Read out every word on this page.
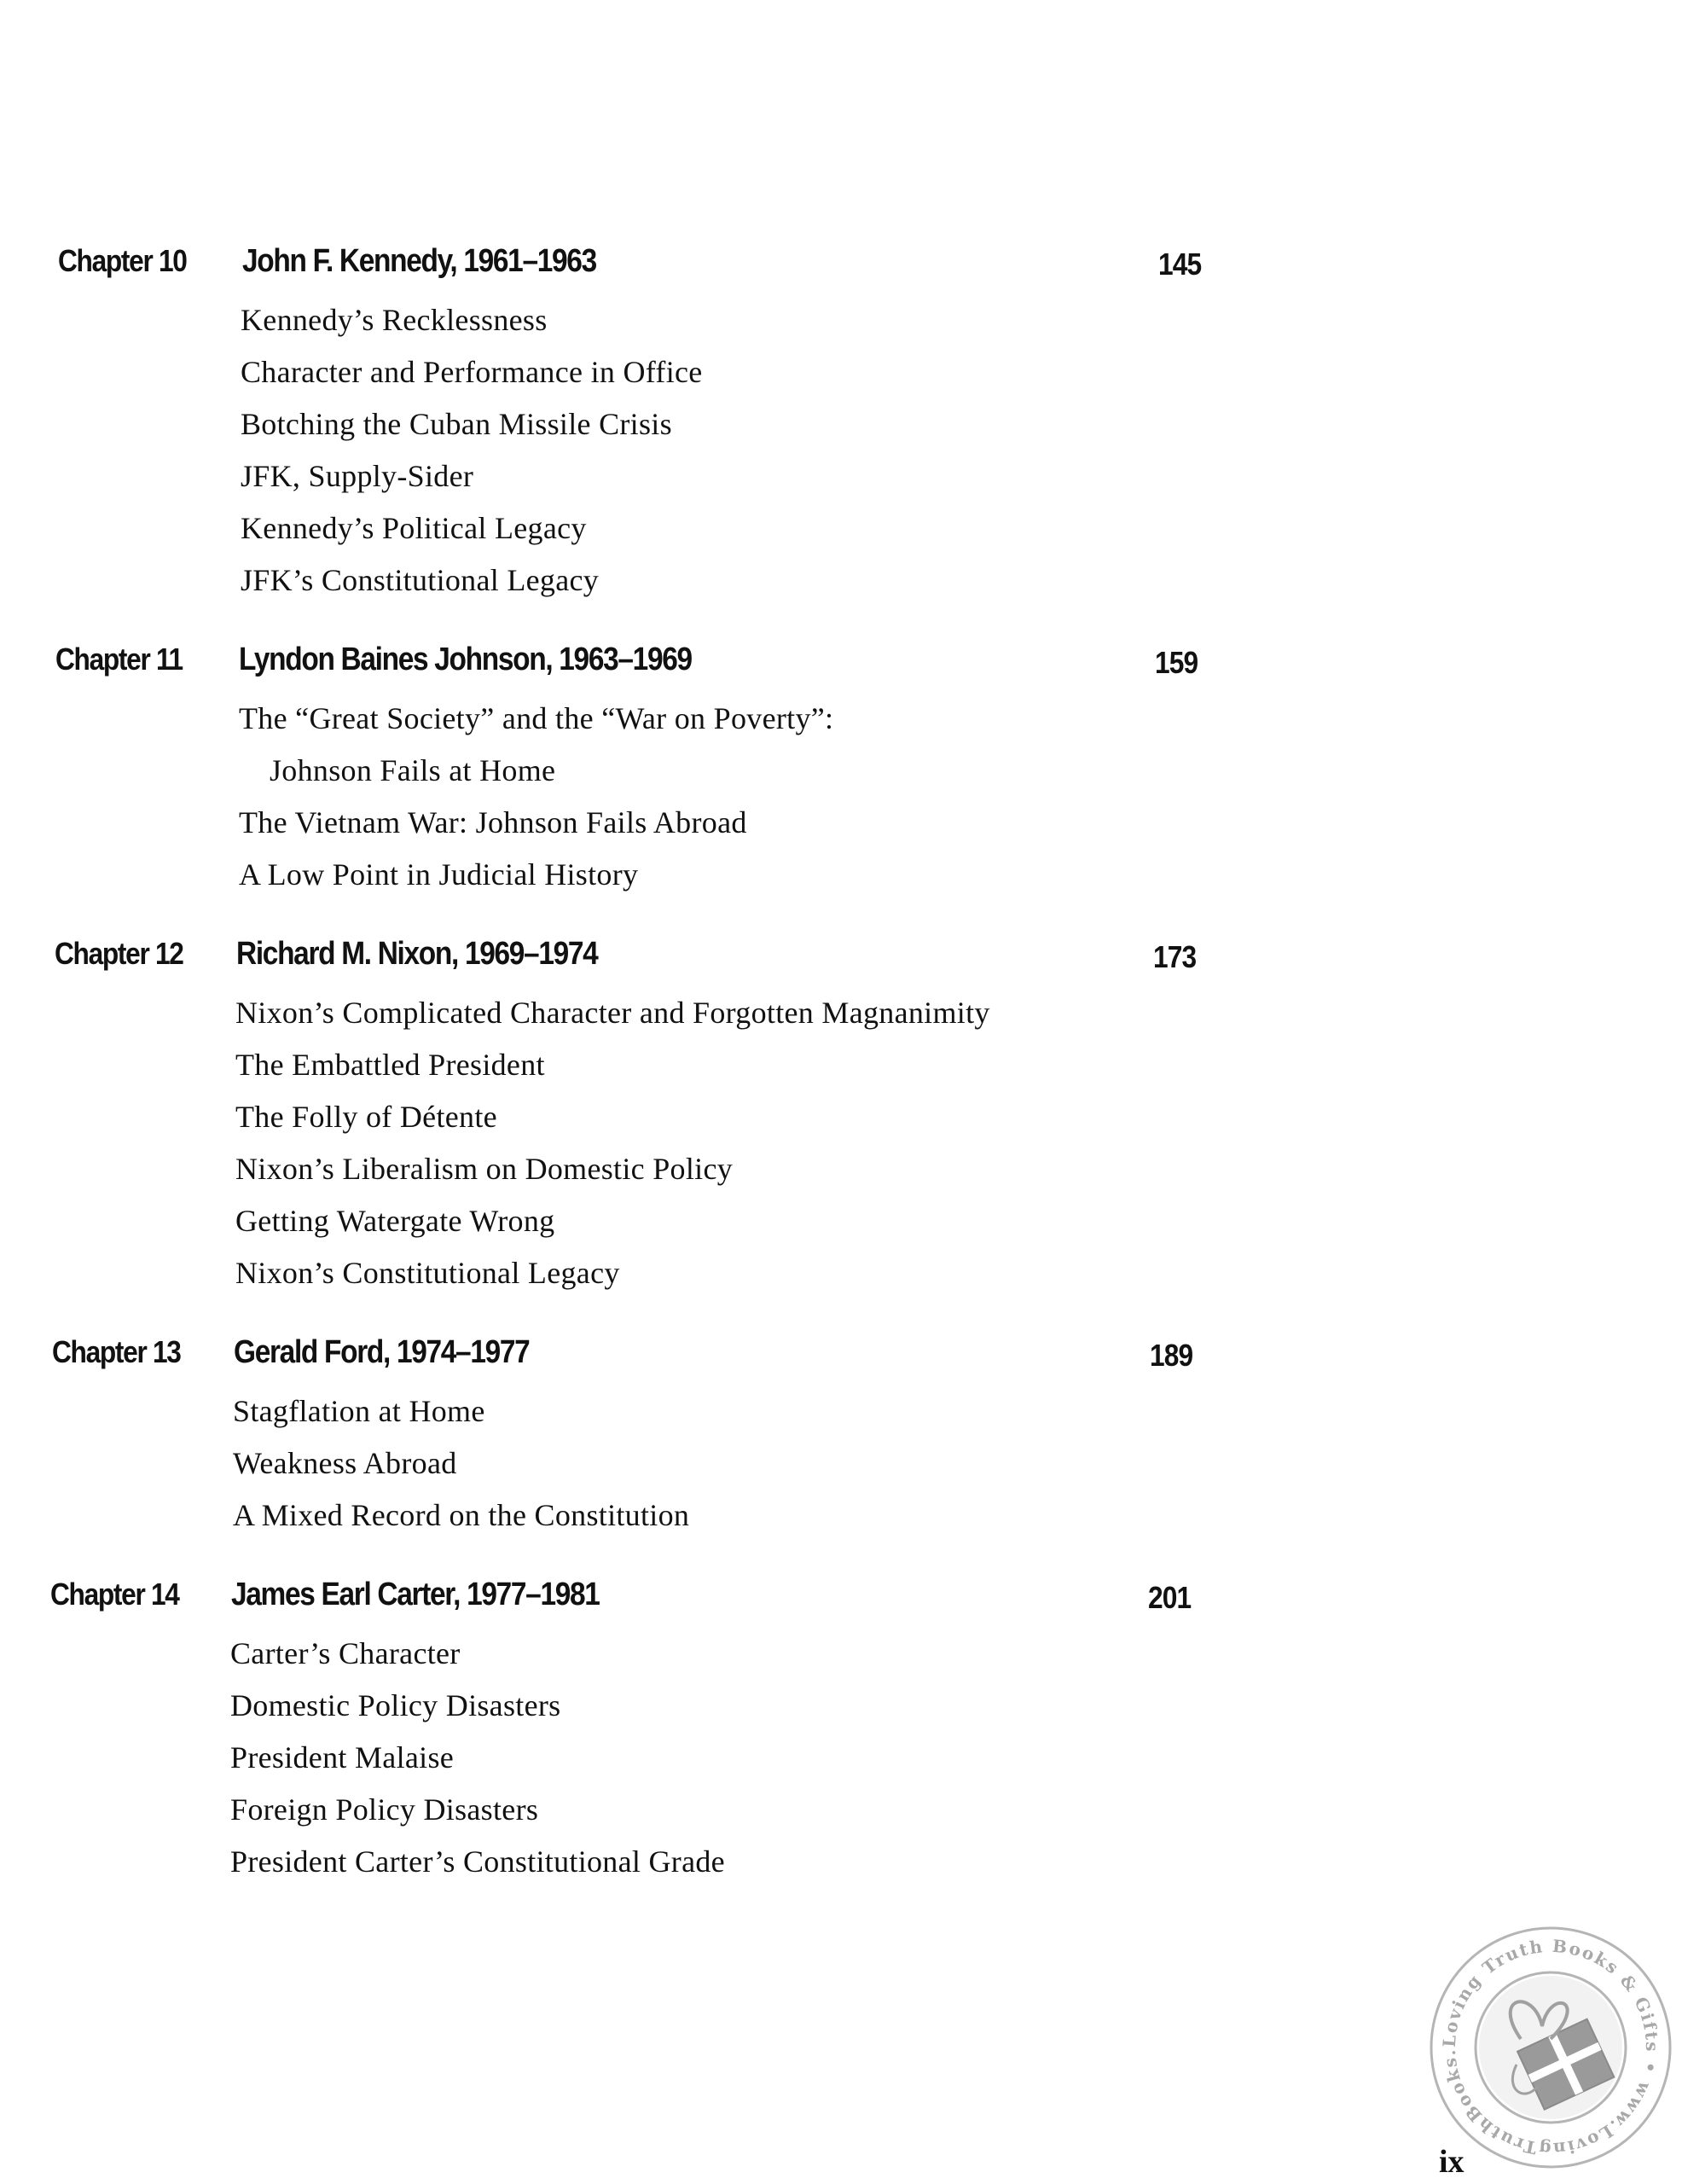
Chapter 10 John F. Kennedy, 1961–1963	145
Kennedy’s Recklessness
Character and Performance in Office
Botching the Cuban Missile Crisis
JFK, Supply-Sider
Kennedy’s Political Legacy
JFK’s Constitutional Legacy
Chapter 11 Lyndon Baines Johnson, 1963–1969	159
The “Great Society” and the “War on Poverty”:
Johnson Fails at Home
The Vietnam War: Johnson Fails Abroad
A Low Point in Judicial History
Chapter 12 Richard M. Nixon, 1969–1974	173
Nixon’s Complicated Character and Forgotten Magnanimity
The Embattled President
The Folly of Détente
Nixon’s Liberalism on Domestic Policy
Getting Watergate Wrong
Nixon’s Constitutional Legacy
Chapter 13 Gerald Ford, 1974–1977	189
Stagflation at Home
Weakness Abroad
A Mixed Record on the Constitution
Chapter 14 James Earl Carter, 1977–1981	201
Carter’s Character
Domestic Policy Disasters
President Malaise
Foreign Policy Disasters
President Carter’s Constitutional Grade
ix
Loving Truth Books & Gifts • www.LovingTruthBooks.
